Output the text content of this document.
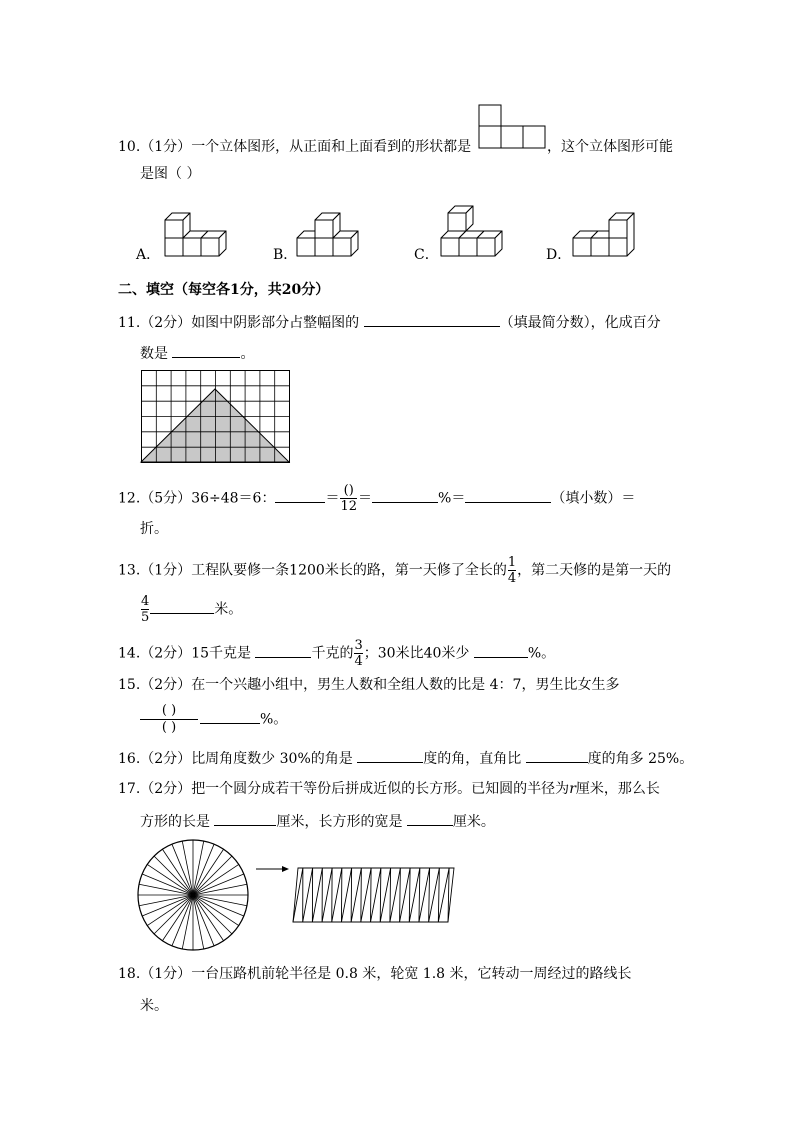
10.（1分）一个立体图形，从正面和上面看到的形状都是	，这个立体图形可能
是图（ ）
A．	B．	C．	D．
二、填空（每空各1分，共20分）
11.（2分）如图中阴影部分占整幅图的	（填最简分数），化成百分
数是	。
12.（5分）36÷48＝6：	＝ $\frac{()}{12}$ ＝	%＝	（填小数）＝
折。
13.（1分）工程队要修一条1200米长的路，第一天修了全长的 $\frac{1}{4}$ ，第二天修的是第一天的
$\frac{4}{5}$	米。
14.（2分）15千克是	千克的 $\frac{3}{4}$ ；30米比40米少	%。
15.（2分）在一个兴趣小组中，男生人数和全组人数的比是 4：7，男生比女生多
( )
( )	%。
16.（2分）比周角度数少 30%的角是	度的角，直角比	度的角多 25%。
17.（2分）把一个圆分成若干等份后拼成近似的长方形。已知圆的半径为r厘米，那么长
方形的长是	厘米，长方形的宽是	厘米。
18.（1分）一台压路机前轮半径是 0.8 米，轮宽 1.8 米，它转动一周经过的路线长
米。
